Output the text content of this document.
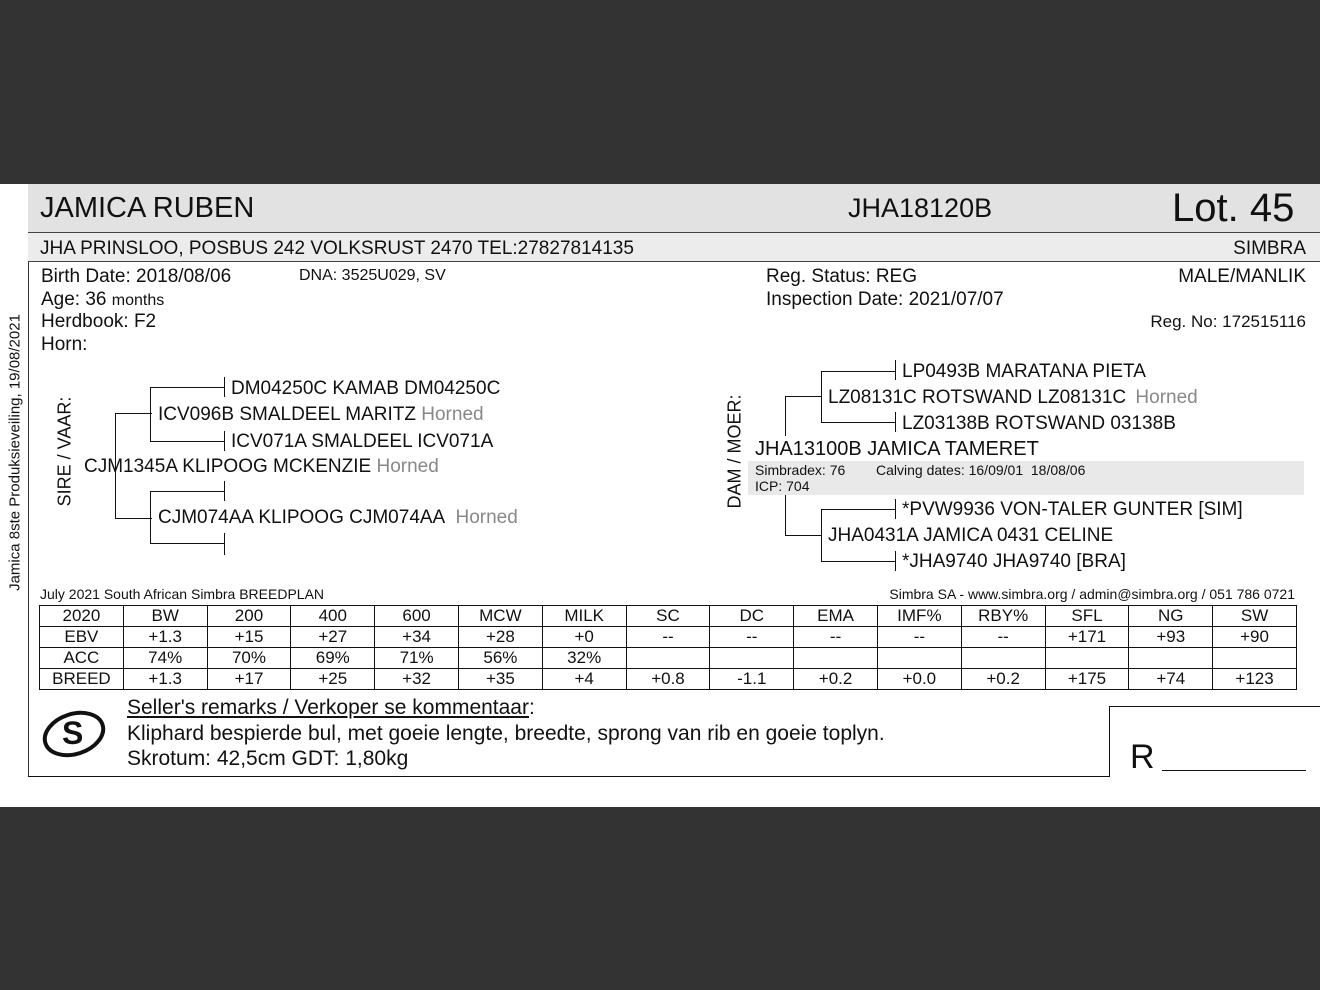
Jamica 8ste Produksieveiling, 19/08/2021
JAMICA RUBEN	JHA18120B	Lot. 45
JHA PRINSLOO, POSBUS 242 VOLKSRUST 2470 TEL:27827814135	SIMBRA
Birth Date: 2018/08/06	DNA: 3525U029, SV
Age: 36 months
Herdbook: F2
Horn:
Reg. Status: REG
Inspection Date: 2021/07/07
MALE/MANLIK
Reg. No: 172515116
SIRE / VAAR:
DM04250C KAMAB DM04250C
ICV096B SMALDEEL MARITZ Horned
ICV071A SMALDEEL ICV071A
CJM1345A KLIPOOG MCKENZIE Horned
CJM074AA KLIPOOG CJM074AA Horned
DAM / MOER:
LP0493B MARATANA PIETA
LZ08131C ROTSWAND LZ08131C Horned
LZ03138B ROTSWAND 03138B
JHA13100B JAMICA TAMERET
Simbradex: 76 Calving dates: 16/09/01  18/08/06
ICP: 704
*PVW9936 VON-TALER GUNTER [SIM]
JHA0431A JAMICA 0431 CELINE
*JHA9740 JHA9740 [BRA]
July 2021 South African Simbra BREEDPLAN	Simbra SA - www.simbra.org / admin@simbra.org / 051 786 0721
2020	BW	200	400	600	MCW	MILK	SC	DC	EMA	IMF%	RBY%	SFL	NG	SW
EBV	+1.3	+15	+27	+34	+28	+0	--	--	--	--	--	+171	+93	+90
ACC	74%	70%	69%	71%	56%	32%								
BREED	+1.3	+17	+25	+32	+35	+4	+0.8	-1.1	+0.2	+0.0	+0.2	+175	+74	+123
S
Seller's remarks / Verkoper se kommentaar:
Kliphard bespierde bul, met goeie lengte, breedte, sprong van rib en goeie toplyn.
Skrotum: 42,5cm GDT: 1,80kg	R
